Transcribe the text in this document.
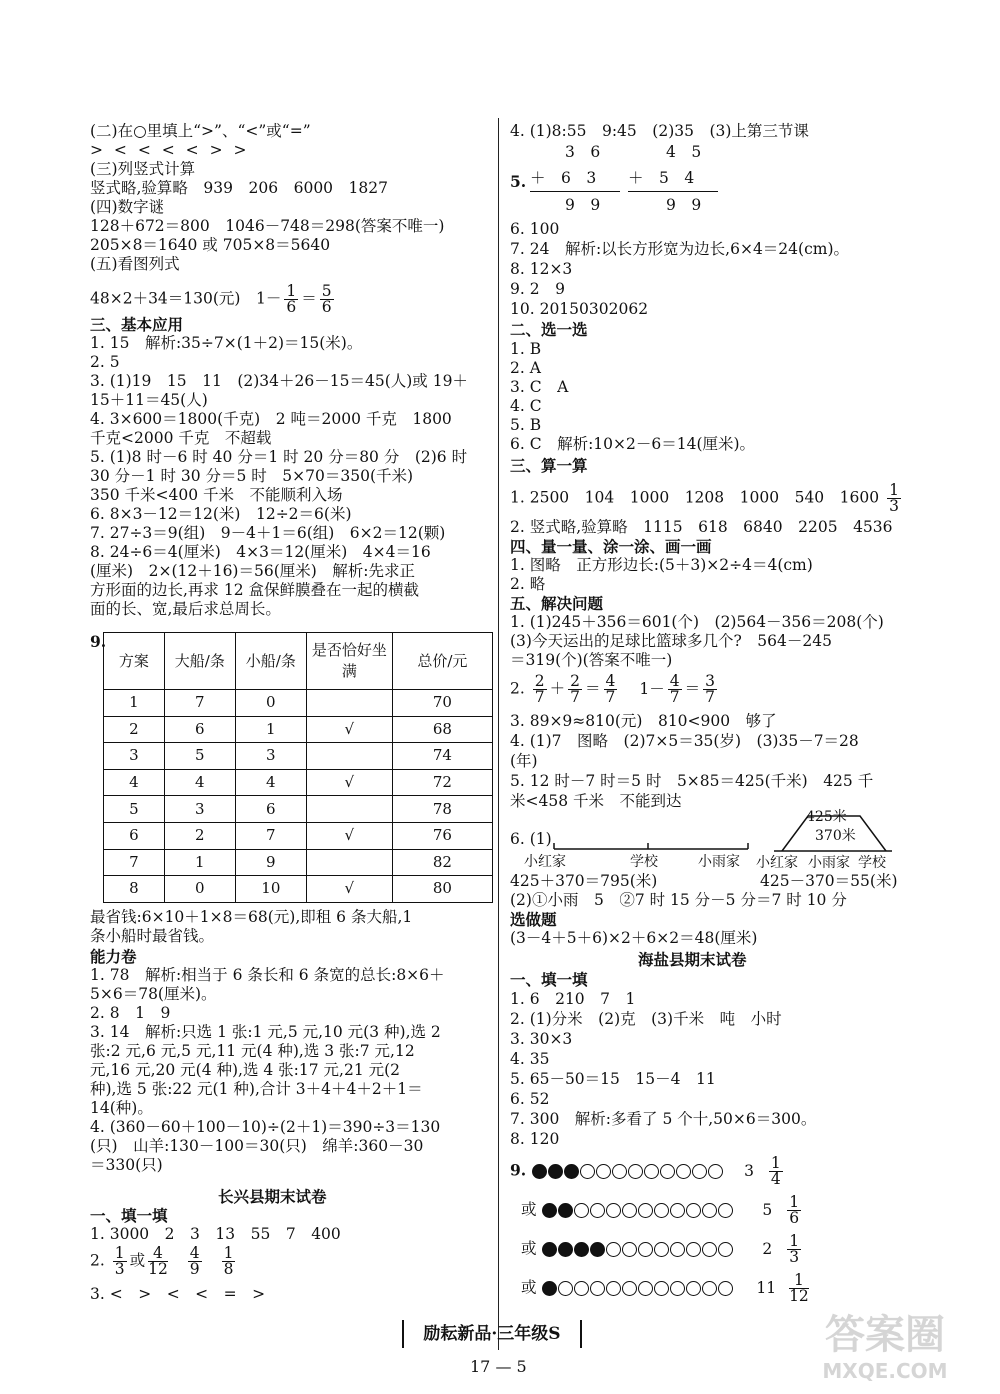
(二)在○里填上“>”、“<”或“=”
> < < < < > >
(三)列竖式计算
竖式略,验算略　939　206　6000　1827
(四)数字谜
128＋672＝800　1046－748＝298(答案不唯一)
205×8＝1640 或 705×8＝5640
(五)看图列式
48×2＋34＝130(元)　$1- \frac{1}{6} = \frac{5}{6}$
三、基本应用
1. 15　解析:35÷7×(1＋2)＝15(米)。
2. 5
3. (1)19　15　11　(2)34＋26－15＝45(人)或 19＋
15＋11＝45(人)
4. 3×600＝1800(千克)　2 吨＝2000 千克　1800
千克<2000 千克　不超载
5. (1)8 时－6 时 40 分＝1 时 20 分＝80 分　(2)6 时
30 分－1 时 30 分＝5 时　5×70＝350(千米)
350 千米<400 千米　不能顺利入场
6. 8×3－12＝12(米)　12÷2＝6(米)
7. 27÷3＝9(组)　9－4＋1＝6(组)　6×2＝12(颗)
8. 24÷6＝4(厘米)　4×3＝12(厘米)　4×4＝16
(厘米)　2×(12＋16)＝56(厘米)　解析:先求正
方形面的边长,再求 12 盒保鲜膜叠在一起的横截
面的长、宽,最后求总周长。
9.
方案	大船/条	小船/条	是否恰好坐满	总价/元
1	7	0		70
2	6	1	√	68
3	5	3		74
4	4	4	√	72
5	3	6		78
6	2	7	√	76
7	1	9		82
8	0	10	√	80
最省钱:6×10＋1×8＝68(元),即租 6 条大船,1
条小船时最省钱。
能力卷
1. 78　解析:相当于 6 条长和 6 条宽的总长:8×6＋
5×6＝78(厘米)。
2. 8　1　9
3. 14　解析:只选 1 张:1 元,5 元,10 元(3 种),选 2
张:2 元,6 元,5 元,11 元(4 种),选 3 张:7 元,12
元,16 元,20 元(4 种),选 4 张:17 元,21 元(2
种),选 5 张:22 元(1 种),合计 3＋4＋4＋2＋1＝
14(种)。
4. (360－60＋100－10)÷(2＋1)＝390÷3＝130
(只)　山羊:130－100＝30(只)　绵羊:360－30
＝330(只)
长兴县期末试卷
一、填一填
1. 3000　2　3　13　55　7　400
2. $\frac{1}{3}$ 或 $\frac{4}{12}$
$\frac{4}{9}$
$\frac{1}{8}$
3. <　>　<　<　=　>
4. (1)8:55　9:45　(2)35　(3)上第三节课
5.
3　6
＋　6　3
9　9
4　5
＋　5　4
9　9
6. 100
7. 24　解析:以长方形宽为边长,6×4＝24(cm)。
8. 12×3
9. 2　9
10. 20150302062
二、选一选
1. B
2. A
3. C　A
4. C
5. B
6. C　解析:10×2－6＝14(厘米)。
三、算一算
1. 2500　104　1000　1208　1000　540　$1600 \frac{1}{3}$
2. 竖式略,验算略　1115　618　6840　2205　4536
四、量一量、涂一涂、画一画
1. 图略　正方形边长:(5＋3)×2÷4＝4(cm)
2. 略
五、解决问题
1. (1)245＋356＝601(个)　(2)564－356＝208(个)
(3)今天运出的足球比篮球多几个?　564－245
＝319(个)(答案不唯一)
2. $\frac{2}{7} + \frac{2}{7} = \frac{4}{7} 1- \frac{4}{7} = \frac{3}{7}$
3. 89×9≈810(元)　810<900　够了
4. (1)7　图略　(2)7×5＝35(岁)　(3)35－7＝28
(年)
5. 12 时－7 时＝5 时　5×85＝425(千米)　425 千
米<458 千米　不能到达
6. (1)
小红家	学校	小雨家
425米
370米
小红家 小雨家 学校
425＋370＝795(米)	425－370＝55(米)
(2)①小雨　5　②7 时 15 分－5 分＝7 时 10 分
选做题
(3－4＋5＋6)×2＋6×2＝48(厘米)
海盐县期末试卷
一、填一填
1. 6　210　7　1
2. (1)分米　(2)克　(3)千米　吨　小时
3. 30×3
4. 35
5. 65－50＝15　15－4　11
6. 52
7. 300　解析:多看了 5 个十,50×6＝300。
8. 120
9.	$3 \frac{1}{4}$
或	$5 \frac{1}{6}$
或	$2 \frac{1}{3}$
或	$11 \frac{1}{12}$
励耘新品·三年级S
17 — 5
答案圈
MXQE.COM
